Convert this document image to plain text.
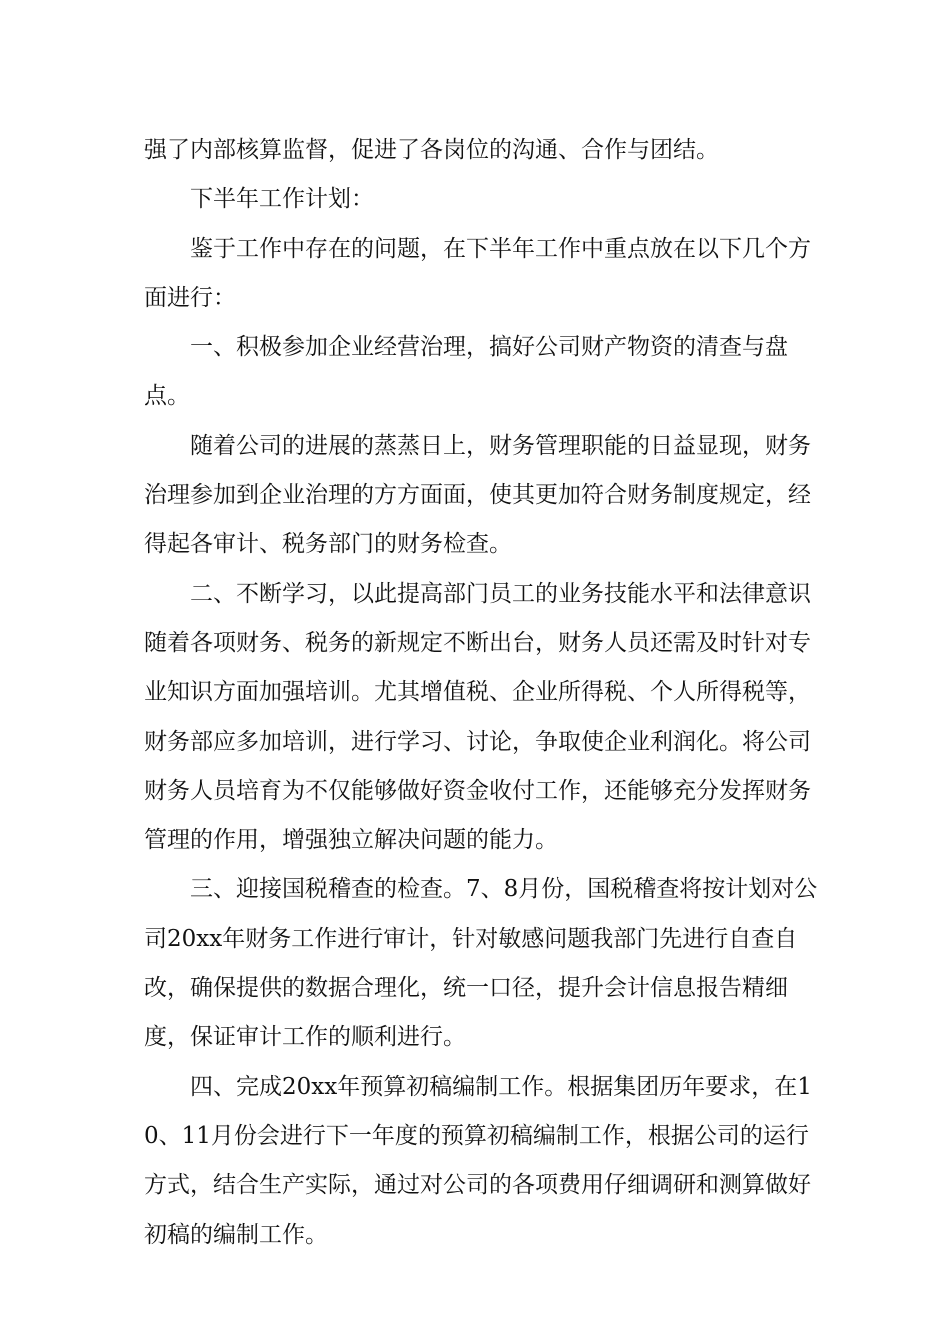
强了内部核算监督，促进了各岗位的沟通、合作与团结。

　　下半年工作计划：

　　鉴于工作中存在的问题，在下半年工作中重点放在以下几个方面进行：

　　一、积极参加企业经营治理，搞好公司财产物资的清查与盘点。

　　随着公司的进展的蒸蒸日上，财务管理职能的日益显现，财务治理参加到企业治理的方方面面，使其更加符合财务制度规定，经得起各审计、税务部门的财务检查。

　　二、不断学习，以此提高部门员工的业务技能水平和法律意识随着各项财务、税务的新规定不断出台，财务人员还需及时针对专业知识方面加强培训。尤其增值税、企业所得税、个人所得税等，财务部应多加培训，进行学习、讨论，争取使企业利润化。将公司财务人员培育为不仅能够做好资金收付工作，还能够充分发挥财务管理的作用，增强独立解决问题的能力。

　　三、迎接国税稽查的检查。7、8月份，国税稽查将按计划对公司20xx年财务工作进行审计，针对敏感问题我部门先进行自查自改，确保提供的数据合理化，统一口径，提升会计信息报告精细度，保证审计工作的顺利进行。

　　四、完成20xx年预算初稿编制工作。根据集团历年要求，在10、11月份会进行下一年度的预算初稿编制工作，根据公司的运行方式，结合生产实际，通过对公司的各项费用仔细调研和测算做好初稿的编制工作。
